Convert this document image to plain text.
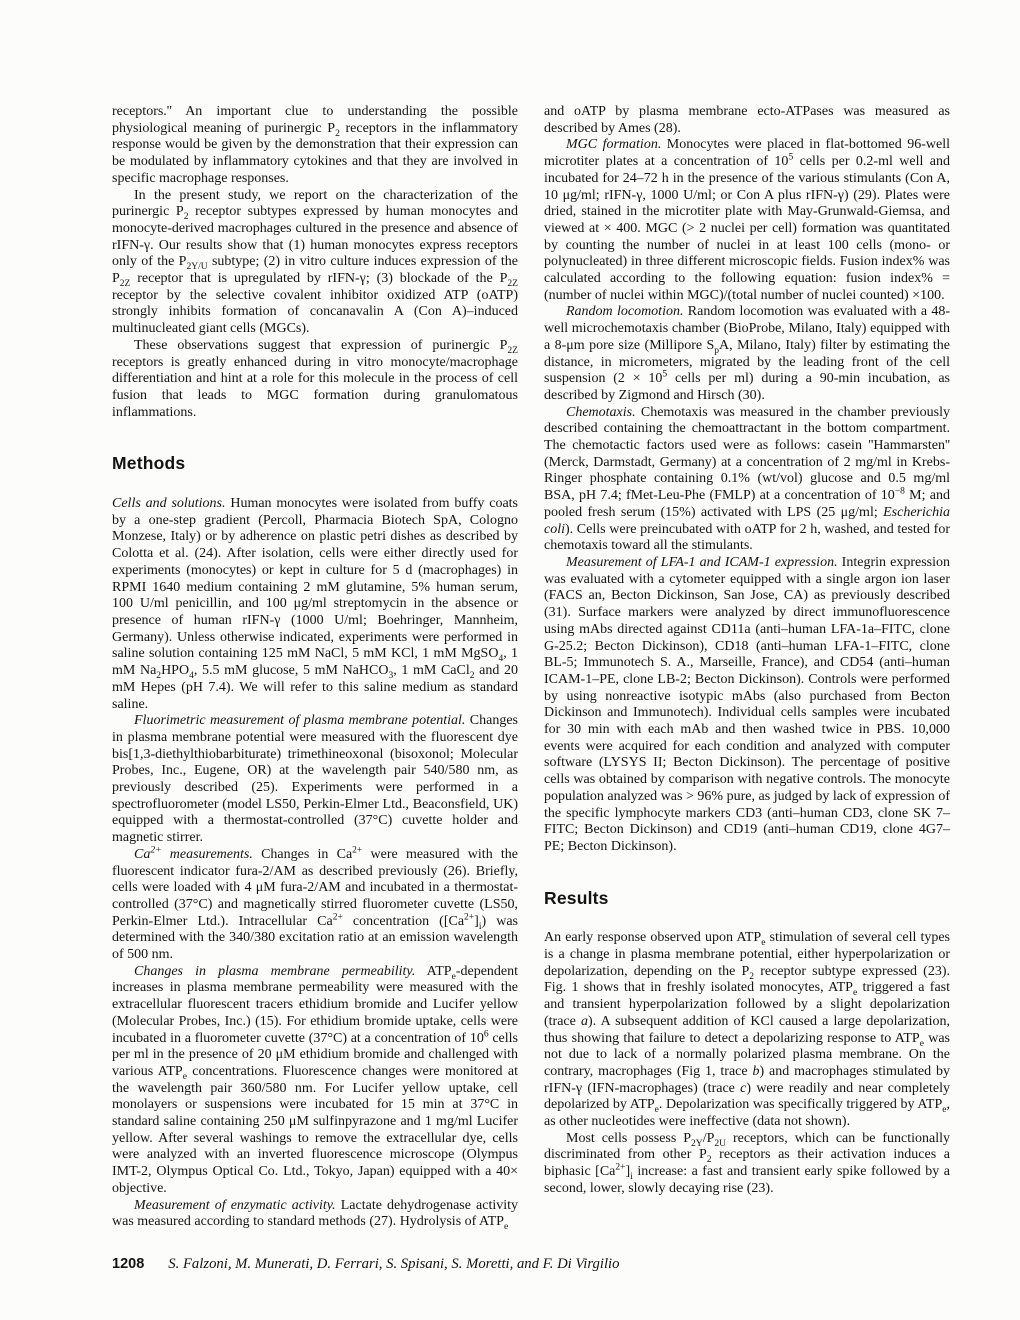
receptors.'' An important clue to understanding the possible physiological meaning of purinergic $P_2$ receptors in the inflammatory response would be given by the demonstration that their expression can be modulated by inflammatory cytokines and that they are involved in specific macrophage responses.

In the present study, we report on the characterization of the purinergic $P_2$ receptor subtypes expressed by human monocytes and monocyte-derived macrophages cultured in the presence and absence of rIFN-γ. Our results show that (1) human monocytes express receptors only of the $P_{2Y/U}$ subtype; (2) in vitro culture induces expression of the $P_{2Z}$ receptor that is upregulated by rIFN-γ; (3) blockade of the $P_{2Z}$ receptor by the selective covalent inhibitor oxidized ATP (oATP) strongly inhibits formation of concanavalin A (Con A)–induced multinucleated giant cells (MGCs).

These observations suggest that expression of purinergic $P_{2Z}$ receptors is greatly enhanced during in vitro monocyte/macrophage differentiation and hint at a role for this molecule in the process of cell fusion that leads to MGC formation during granulomatous inflammations.

Methods

Cells and solutions. Human monocytes were isolated from buffy coats by a one-step gradient (Percoll, Pharmacia Biotech SpA, Cologno Monzese, Italy) or by adherence on plastic petri dishes as described by Colotta et al. (24). After isolation, cells were either directly used for experiments (monocytes) or kept in culture for 5 d (macrophages) in RPMI 1640 medium containing 2 mM glutamine, 5% human serum, 100 U/ml penicillin, and 100 μg/ml streptomycin in the absence or presence of human rIFN-γ (1000 U/ml; Boehringer, Mannheim, Germany). Unless otherwise indicated, experiments were performed in saline solution containing 125 mM NaCl, 5 mM KCl, 1 mM MgSO$_4$, 1 mM $Na_2HPO_4$, 5.5 mM glucose, 5 mM NaHCO$_3$, 1 mM CaCl$_2$ and 20 mM Hepes (pH 7.4). We will refer to this saline medium as standard saline.

Fluorimetric measurement of plasma membrane potential. Changes in plasma membrane potential were measured with the fluorescent dye bis[1,3-diethylthiobarbiturate) trimethineoxonal (bisoxonol; Molecular Probes, Inc., Eugene, OR) at the wavelength pair 540/580 nm, as previously described (25). Experiments were performed in a spectrofluorometer (model LS50, Perkin-Elmer Ltd., Beaconsfield, UK) equipped with a thermostat-controlled (37°C) cuvette holder and magnetic stirrer.

$Ca^{2+}$ measurements. Changes in $Ca^{2+}$ were measured with the fluorescent indicator fura-2/AM as described previously (26). Briefly, cells were loaded with 4 μM fura-2/AM and incubated in a thermostat-controlled (37°C) and magnetically stirred fluorometer cuvette (LS50, Perkin-Elmer Ltd.). Intracellular $Ca^{2+}$ concentration $([Ca^{2+}]_i)$ was determined with the 340/380 excitation ratio at an emission wavelength of 500 nm.

Changes in plasma membrane permeability. $ATP_e$-dependent increases in plasma membrane permeability were measured with the extracellular fluorescent tracers ethidium bromide and Lucifer yellow (Molecular Probes, Inc.) (15). For ethidium bromide uptake, cells were incubated in a fluorometer cuvette (37°C) at a concentration of $10^6$ cells per ml in the presence of 20 μM ethidium bromide and challenged with various $ATP_e$ concentrations. Fluorescence changes were monitored at the wavelength pair 360/580 nm. For Lucifer yellow uptake, cell monolayers or suspensions were incubated for 15 min at 37°C in standard saline containing 250 μM sulfinpyrazone and 1 mg/ml Lucifer yellow. After several washings to remove the extracellular dye, cells were analyzed with an inverted fluorescence microscope (Olympus IMT-2, Olympus Optical Co. Ltd., Tokyo, Japan) equipped with a 40× objective.

Measurement of enzymatic activity. Lactate dehydrogenase activity was measured according to standard methods (27). Hydrolysis of $ATP_e$

and oATP by plasma membrane ecto-ATPases was measured as described by Ames (28).

MGC formation. Monocytes were placed in flat-bottomed 96-well microtiter plates at a concentration of $10^5$ cells per 0.2-ml well and incubated for 24–72 h in the presence of the various stimulants (Con A, 10 μg/ml; rIFN-γ, 1000 U/ml; or Con A plus rIFN-γ) (29). Plates were dried, stained in the microtiter plate with May-Grunwald-Giemsa, and viewed at × 400. MGC (> 2 nuclei per cell) formation was quantitated by counting the number of nuclei in at least 100 cells (mono- or polynucleated) in three different microscopic fields. Fusion index% was calculated according to the following equation: fusion index% = (number of nuclei within MGC)/(total number of nuclei counted) ×100.

Random locomotion. Random locomotion was evaluated with a 48-well microchemotaxis chamber (BioProbe, Milano, Italy) equipped with a 8-μm pore size (Millipore $S_pA$, Milano, Italy) filter by estimating the distance, in micrometers, migrated by the leading front of the cell suspension ($2 \times 10^5$ cells per ml) during a 90-min incubation, as described by Zigmond and Hirsch (30).

Chemotaxis. Chemotaxis was measured in the chamber previously described containing the chemoattractant in the bottom compartment. The chemotactic factors used were as follows: casein ''Hammarsten'' (Merck, Darmstadt, Germany) at a concentration of 2 mg/ml in Krebs-Ringer phosphate containing 0.1% (wt/vol) glucose and 0.5 mg/ml BSA, pH 7.4; fMet-Leu-Phe (FMLP) at a concentration of $10^{-8}$ M; and pooled fresh serum (15%) activated with LPS (25 μg/ml; Escherichia coli). Cells were preincubated with oATP for 2 h, washed, and tested for chemotaxis toward all the stimulants.

Measurement of LFA-1 and ICAM-1 expression. Integrin expression was evaluated with a cytometer equipped with a single argon ion laser (FACS an, Becton Dickinson, San Jose, CA) as previously described (31). Surface markers were analyzed by direct immunofluorescence using mAbs directed against CD11a (anti–human LFA-1a–FITC, clone G-25.2; Becton Dickinson), CD18 (anti–human LFA-1–FITC, clone BL-5; Immunotech S. A., Marseille, France), and CD54 (anti–human ICAM-1–PE, clone LB-2; Becton Dickinson). Controls were performed by using nonreactive isotypic mAbs (also purchased from Becton Dickinson and Immunotech). Individual cells samples were incubated for 30 min with each mAb and then washed twice in PBS. 10,000 events were acquired for each condition and analyzed with computer software (LYSYS II; Becton Dickinson). The percentage of positive cells was obtained by comparison with negative controls. The monocyte population analyzed was > 96% pure, as judged by lack of expression of the specific lymphocyte markers CD3 (anti–human CD3, clone SK 7–FITC; Becton Dickinson) and CD19 (anti–human CD19, clone 4G7–PE; Becton Dickinson).

Results

An early response observed upon $ATP_e$ stimulation of several cell types is a change in plasma membrane potential, either hyperpolarization or depolarization, depending on the $P_2$ receptor subtype expressed (23). Fig. 1 shows that in freshly isolated monocytes, $ATP_e$ triggered a fast and transient hyperpolarization followed by a slight depolarization (trace a). A subsequent addition of KCl caused a large depolarization, thus showing that failure to detect a depolarizing response to $ATP_e$ was not due to lack of a normally polarized plasma membrane. On the contrary, macrophages (Fig 1, trace b) and macrophages stimulated by rIFN-γ (IFN-macrophages) (trace c) were readily and near completely depolarized by $ATP_e$. Depolarization was specifically triggered by $ATP_e$, as other nucleotides were ineffective (data not shown).

Most cells possess $P_{2Y}/P_{2U}$ receptors, which can be functionally discriminated from other $P_2$ receptors as their activation induces a biphasic $[Ca^{2+}]_i$ increase: a fast and transient early spike followed by a second, lower, slowly decaying rise (23).

1208 S. Falzoni, M. Munerati, D. Ferrari, S. Spisani, S. Moretti, and F. Di Virgilio
